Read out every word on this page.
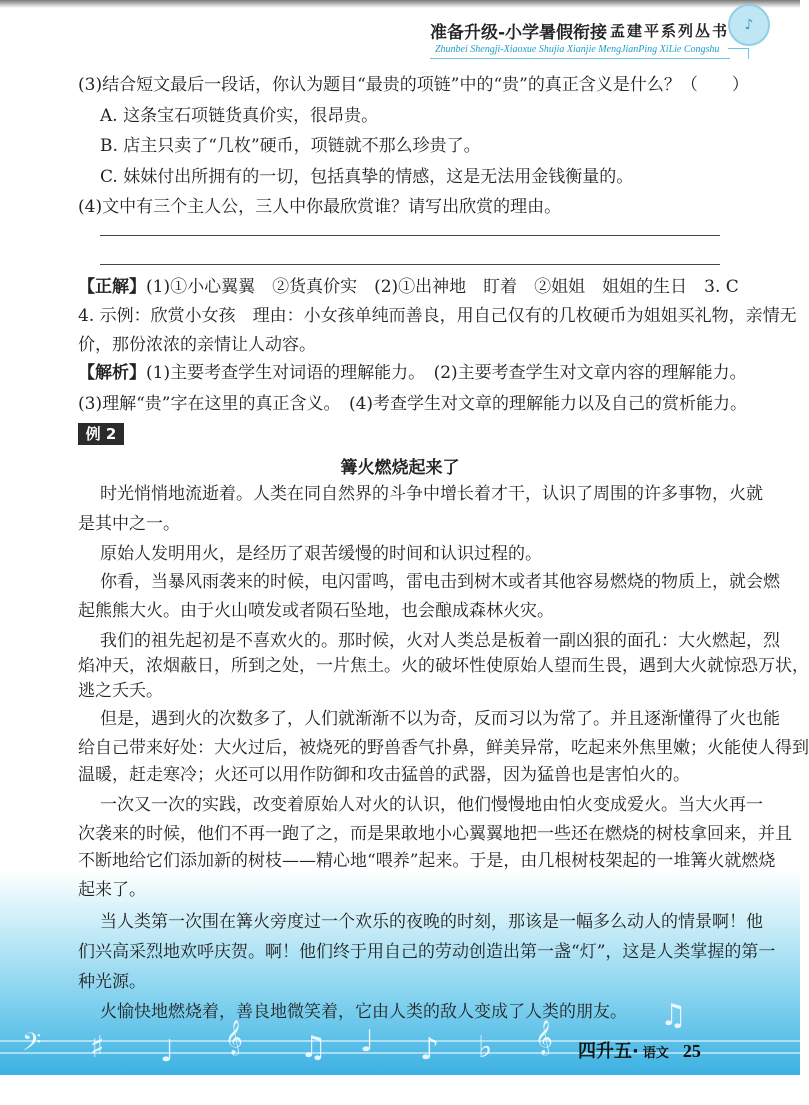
♪
准备升级-小学暑假衔接 孟建平系列丛书
Zhunbei Shengji-Xiaoxue Shujia Xianjie MengJianPing XiLie Congshu
(3)结合短文最后一段话，你认为题目“最贵的项链”中的“贵”的真正含义是什么？（　　）
A. 这条宝石项链货真价实，很昂贵。
B. 店主只卖了“几枚”硬币，项链就不那么珍贵了。
C. 妹妹付出所拥有的一切，包括真挚的情感，这是无法用金钱衡量的。
(4)文中有三个主人公，三人中你最欣赏谁？请写出欣赏的理由。
【正解】(1)①小心翼翼　②货真价实　(2)①出神地　盯着　②姐姐　姐姐的生日　3. C
4. 示例：欣赏小女孩　理由：小女孩单纯而善良，用自己仅有的几枚硬币为姐姐买礼物，亲情无
价，那份浓浓的亲情让人动容。
【解析】(1)主要考查学生对词语的理解能力。　(2)主要考查学生对文章内容的理解能力。
(3)理解“贵”字在这里的真正含义。　(4)考查学生对文章的理解能力以及自己的赏析能力。
例 2
篝火燃烧起来了
𝄢 ♯ ♩ 𝄞 ♫ ♩ ♪ ♭ 𝄞
♫
时光悄悄地流逝着。人类在同自然界的斗争中增长着才干，认识了周围的许多事物，火就
是其中之一。
原始人发明用火，是经历了艰苦缓慢的时间和认识过程的。
你看，当暴风雨袭来的时候，电闪雷鸣，雷电击到树木或者其他容易燃烧的物质上，就会燃
起熊熊大火。由于火山喷发或者陨石坠地，也会酿成森林火灾。
我们的祖先起初是不喜欢火的。那时候，火对人类总是板着一副凶狠的面孔：大火燃起，烈
焰冲天，浓烟蔽日，所到之处，一片焦土。火的破坏性使原始人望而生畏，遇到大火就惊恐万状，
逃之夭夭。
但是，遇到火的次数多了，人们就渐渐不以为奇，反而习以为常了。并且逐渐懂得了火也能
给自己带来好处：大火过后，被烧死的野兽香气扑鼻，鲜美异常，吃起来外焦里嫩；火能使人得到
温暖，赶走寒冷；火还可以用作防御和攻击猛兽的武器，因为猛兽也是害怕火的。
一次又一次的实践，改变着原始人对火的认识，他们慢慢地由怕火变成爱火。当大火再一
次袭来的时候，他们不再一跑了之，而是果敢地小心翼翼地把一些还在燃烧的树枝拿回来，并且
不断地给它们添加新的树枝——精心地“喂养”起来。于是，由几根树枝架起的一堆篝火就燃烧
起来了。
当人类第一次围在篝火旁度过一个欢乐的夜晚的时刻，那该是一幅多么动人的情景啊！他
们兴高采烈地欢呼庆贺。啊！他们终于用自己的劳动创造出第一盏“灯”，这是人类掌握的第一
种光源。
火愉快地燃烧着，善良地微笑着，它由人类的敌人变成了人类的朋友。
四升五· 语文 25
